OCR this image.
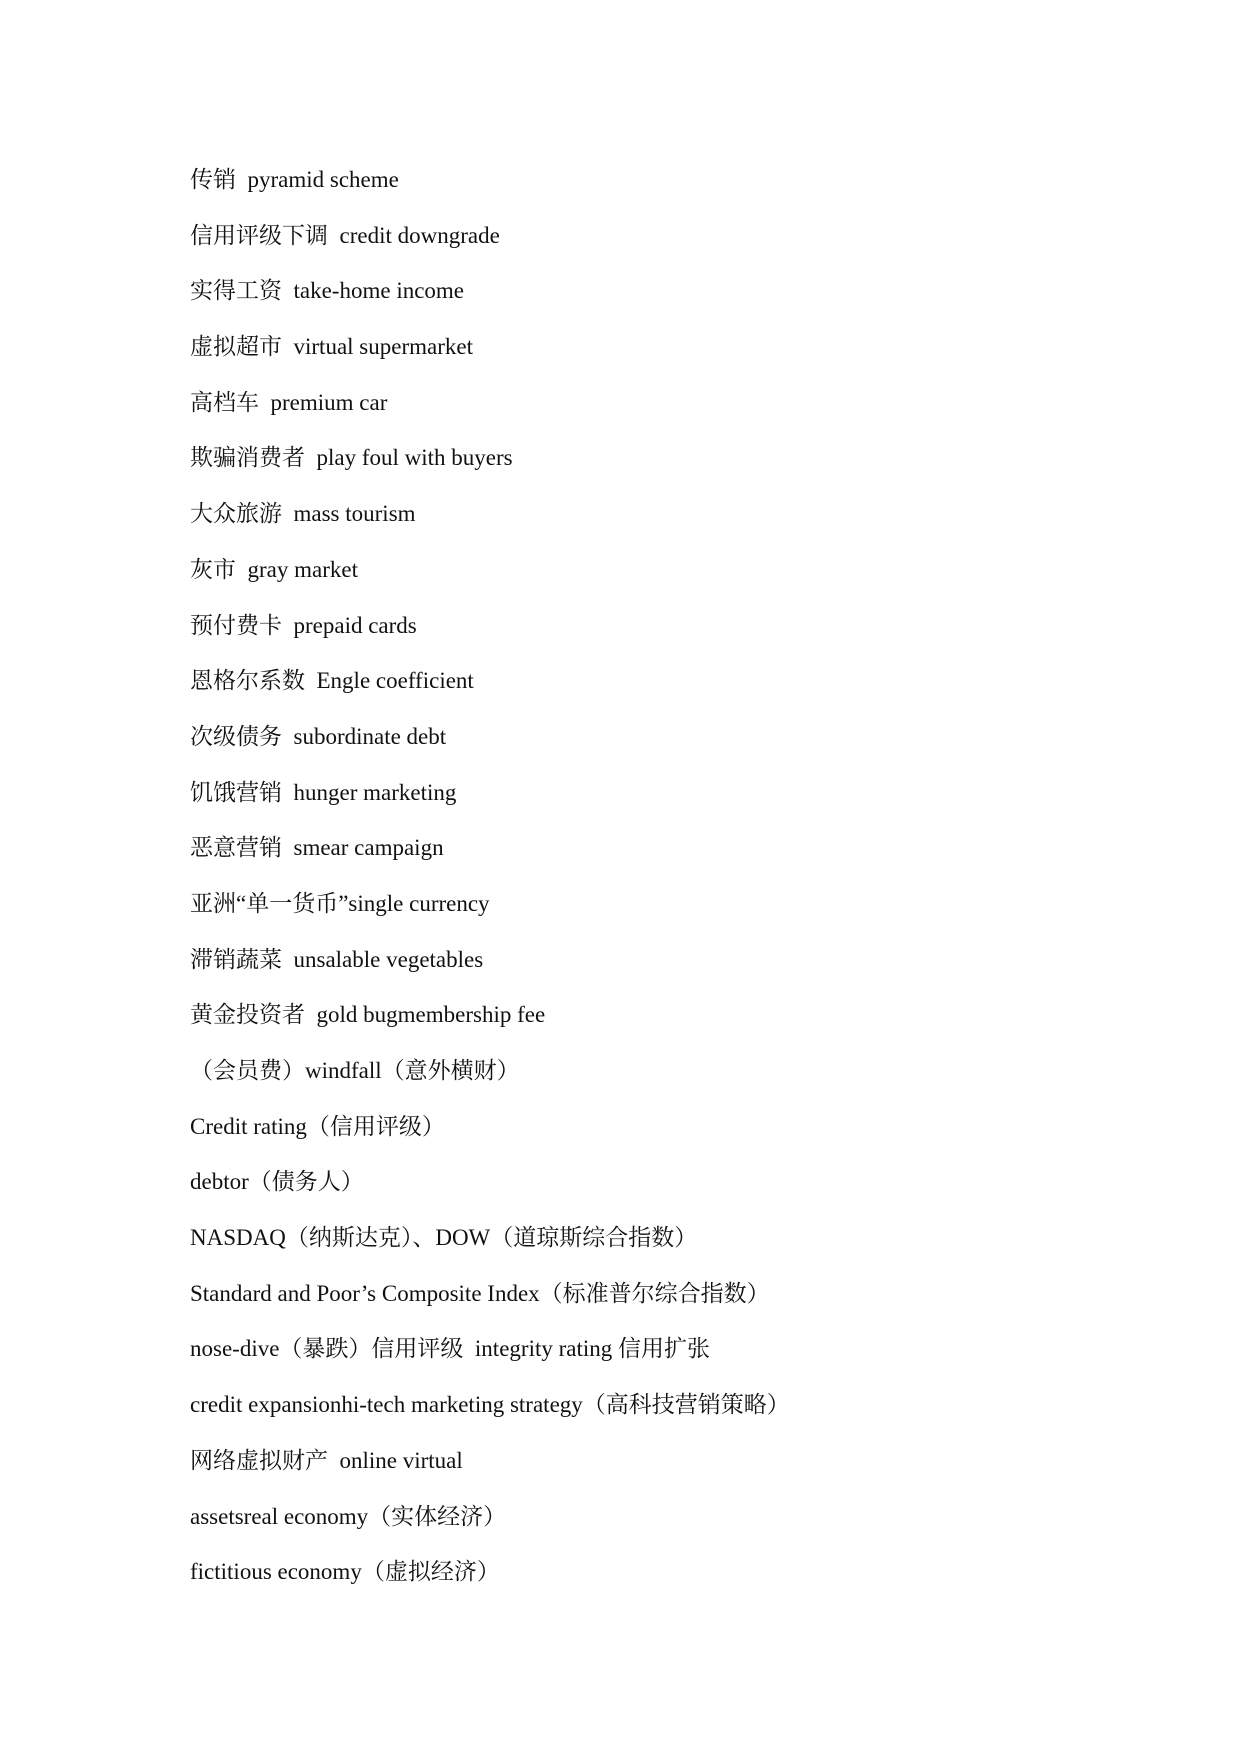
传销  pyramid scheme
信用评级下调  credit downgrade
实得工资  take-home income
虚拟超市  virtual supermarket
高档车  premium car
欺骗消费者  play foul with buyers
大众旅游  mass tourism
灰市  gray market
预付费卡  prepaid cards
恩格尔系数  Engle coefficient
次级债务  subordinate debt
饥饿营销  hunger marketing
恶意营销  smear campaign
亚洲“单一货币”single currency
滞销蔬菜  unsalable vegetables
黄金投资者  gold bugmembership fee
（会员费）windfall（意外横财）
Credit rating（信用评级）
debtor（债务人）
NASDAQ（纳斯达克）、DOW（道琼斯综合指数）
Standard and Poor’s Composite Index（标准普尔综合指数）
nose-dive（暴跌）信用评级  integrity rating 信用扩张
credit expansionhi-tech marketing strategy（高科技营销策略）
网络虚拟财产  online virtual
assetsreal economy（实体经济）
fictitious economy（虚拟经济）
